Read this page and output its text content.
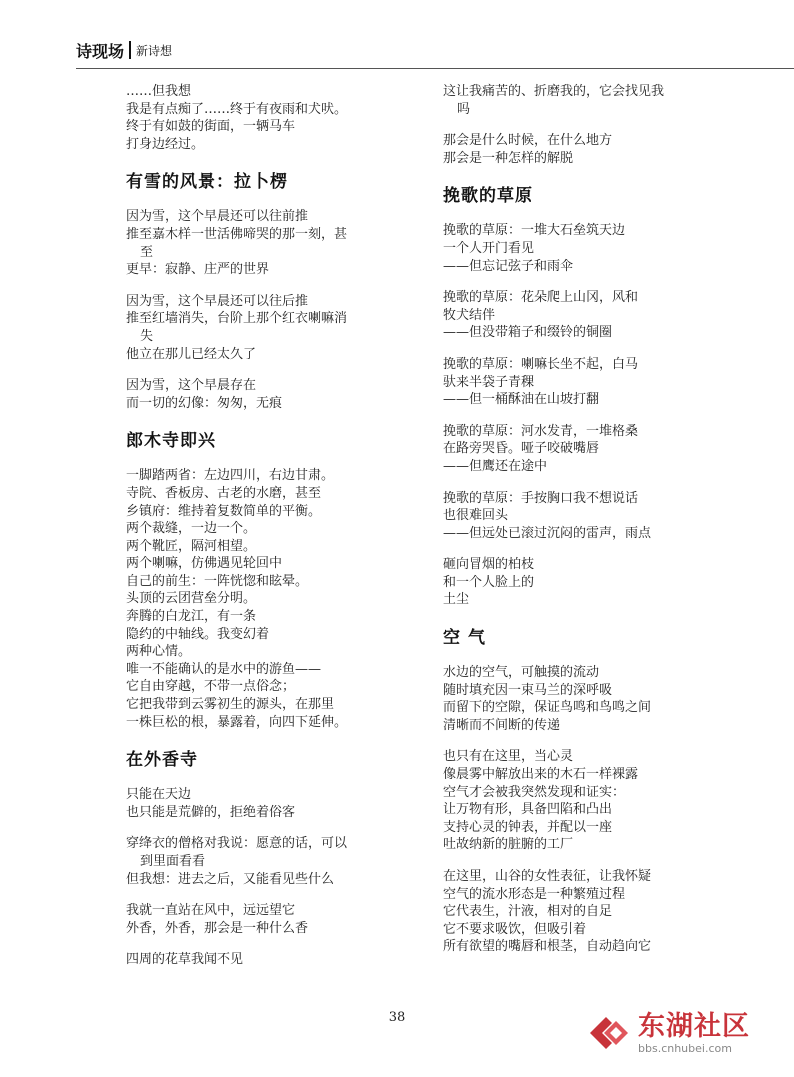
诗现场 新诗想
……但我想
我是有点痴了……终于有夜雨和犬吠。
终于有如鼓的街面，一辆马车
打身边经过。
有雪的风景：拉卜楞
因为雪，这个早晨还可以往前推
推至嘉木样一世活佛啼哭的那一刻，甚
至
更早：寂静、庄严的世界
因为雪，这个早晨还可以往后推
推至红墙消失，台阶上那个红衣喇嘛消
失
他立在那儿已经太久了
因为雪，这个早晨存在
而一切的幻像：匆匆，无痕
郎木寺即兴
一脚踏两省：左边四川，右边甘肃。
寺院、香板房、古老的水磨，甚至
乡镇府：维持着复数简单的平衡。
两个裁缝，一边一个。
两个靴匠，隔河相望。
两个喇嘛，仿佛遇见轮回中
自己的前生：一阵恍惚和眩晕。
头顶的云团营垒分明。
奔腾的白龙江，有一条
隐约的中轴线。我变幻着
两种心情。
唯一不能确认的是水中的游鱼——
它自由穿越，不带一点俗念；
它把我带到云雾初生的源头，在那里
一株巨松的根，暴露着，向四下延伸。
在外香寺
只能在天边
也只能是荒僻的，拒绝着俗客
穿绛衣的僧格对我说：愿意的话，可以
到里面看看
但我想：进去之后，又能看见些什么
我就一直站在风中，远远望它
外香，外香，那会是一种什么香
四周的花草我闻不见
这让我痛苦的、折磨我的，它会找见我
吗
那会是什么时候，在什么地方
那会是一种怎样的解脱
挽歌的草原
挽歌的草原：一堆大石垒筑天边
一个人开门看见
——但忘记弦子和雨伞
挽歌的草原：花朵爬上山冈，风和
牧犬结伴
——但没带箱子和缀铃的铜圈
挽歌的草原：喇嘛长坐不起，白马
驮来半袋子青稞
——但一桶酥油在山坡打翻
挽歌的草原：河水发青，一堆格桑
在路旁哭昏。哑子咬破嘴唇
——但鹰还在途中
挽歌的草原：手按胸口我不想说话
也很难回头
——但远处已滚过沉闷的雷声，雨点
砸向冒烟的柏枝
和一个人脸上的
土尘
空气
水边的空气，可触摸的流动
随时填充因一束马兰的深呼吸
而留下的空隙，保证鸟鸣和鸟鸣之间
清晰而不间断的传递
也只有在这里，当心灵
像晨雾中解放出来的木石一样裸露
空气才会被我突然发现和证实：
让万物有形，具备凹陷和凸出
支持心灵的钟表，并配以一座
吐故纳新的脏腑的工厂
在这里，山谷的女性表征，让我怀疑
空气的流水形态是一种繁殖过程
它代表生，汁液，相对的自足
它不要求吸饮，但吸引着
所有欲望的嘴唇和根茎，自动趋向它
38	东湖社区
bbs.cnhubei.com
